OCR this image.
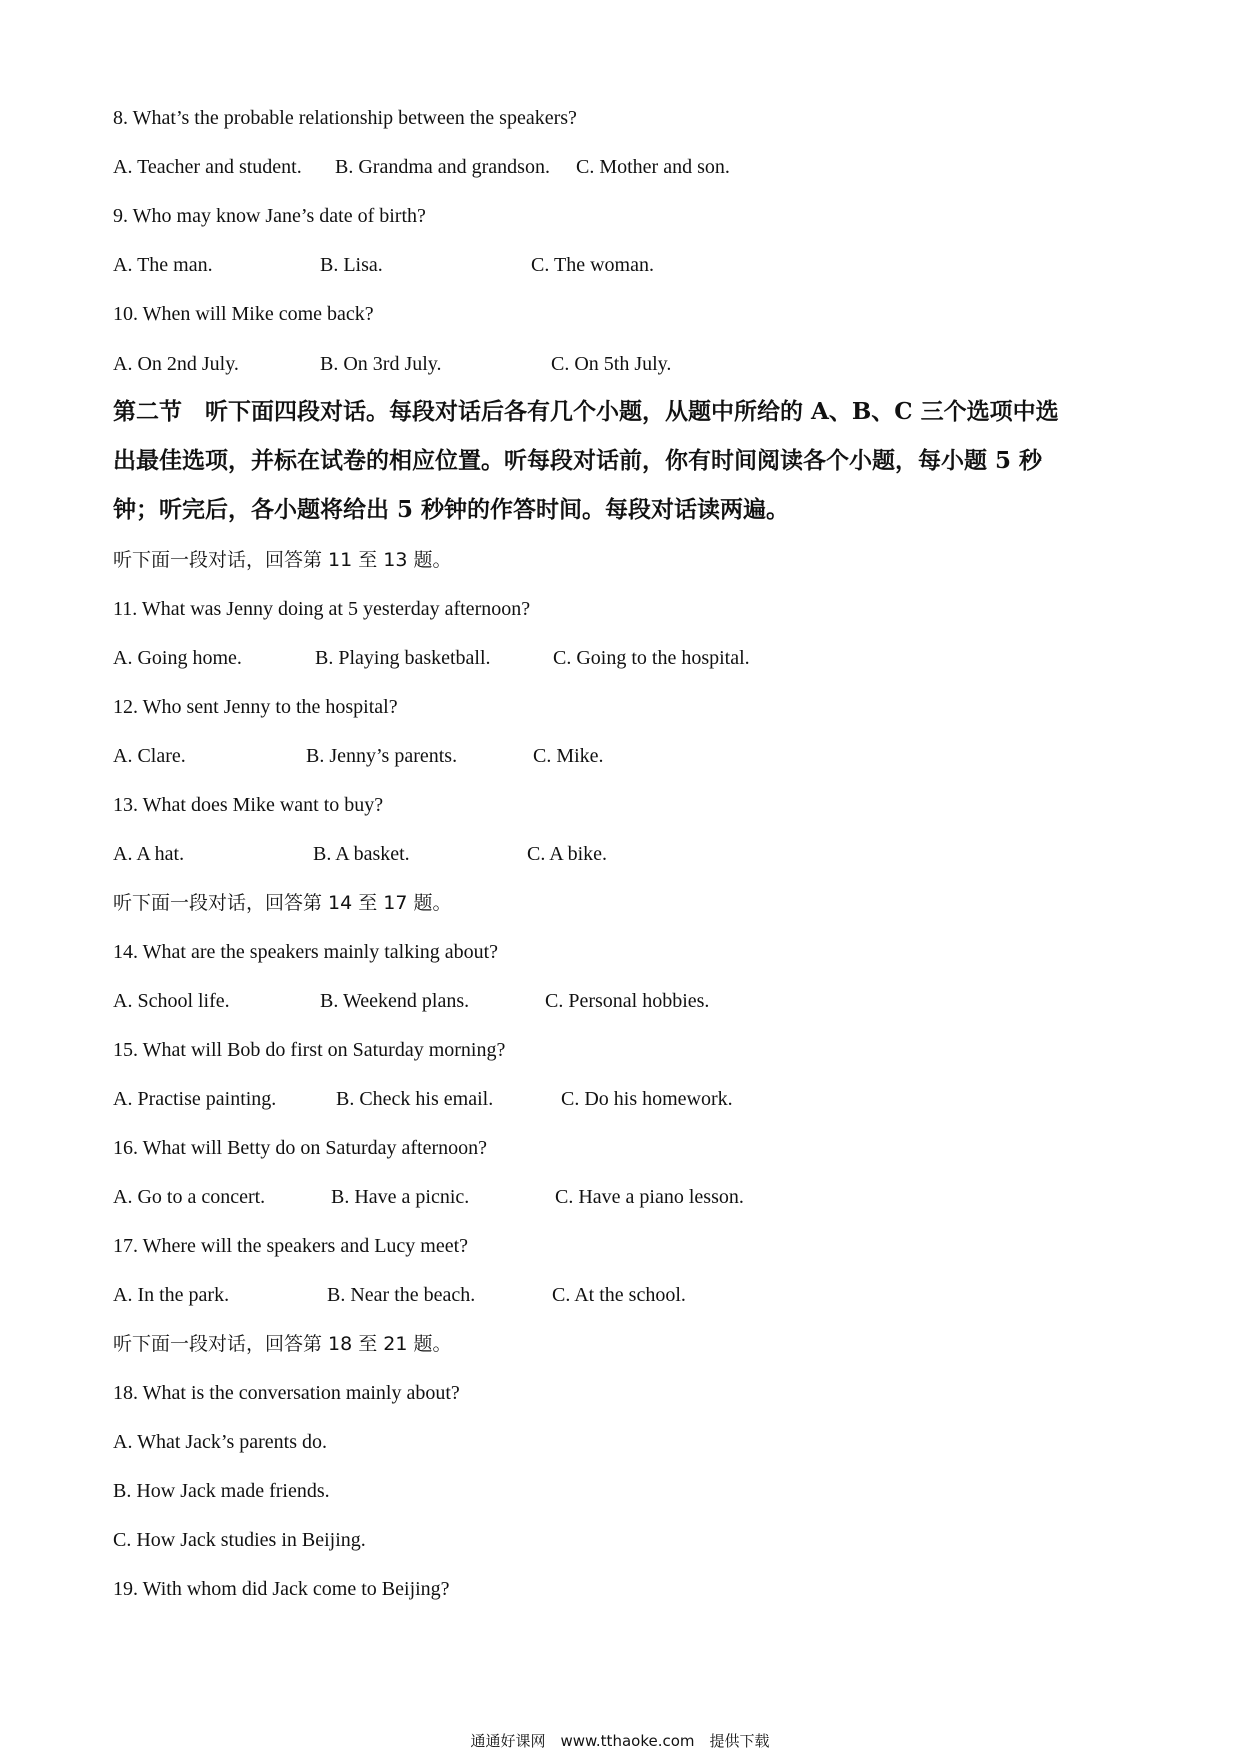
8. What’s the probable relationship between the speakers?
A. Teacher and student. B. Grandma and grandson. C. Mother and son.
9. Who may know Jane’s date of birth?
A. The man.	B. Lisa.	C. The woman.
10. When will Mike come back?
A. On 2nd July.	B. On 3rd July.	C. On 5th July.
第二节　听下面四段对话。每段对话后各有几个小题，从题中所给的 A、B、C 三个选项中选
出最佳选项，并标在试卷的相应位置。听每段对话前，你有时间阅读各个小题，每小题 5 秒
钟；听完后，各小题将给出 5 秒钟的作答时间。每段对话读两遍。
听下面一段对话，回答第 11 至 13 题。
11. What was Jenny doing at 5 yesterday afternoon?
A. Going home.	B. Playing basketball.	C. Going to the hospital.
12. Who sent Jenny to the hospital?
A. Clare.	B. Jenny’s parents.	C. Mike.
13. What does Mike want to buy?
A. A hat.	B. A basket.	C. A bike.
听下面一段对话，回答第 14 至 17 题。
14. What are the speakers mainly talking about?
A. School life.	B. Weekend plans.	C. Personal hobbies.
15. What will Bob do first on Saturday morning?
A. Practise painting.	B. Check his email.	C. Do his homework.
16. What will Betty do on Saturday afternoon?
A. Go to a concert.	B. Have a picnic.	C. Have a piano lesson.
17. Where will the speakers and Lucy meet?
A. In the park.	B. Near the beach.	C. At the school.
听下面一段对话，回答第 18 至 21 题。
18. What is the conversation mainly about?
A. What Jack’s parents do.
B. How Jack made friends.
C. How Jack studies in Beijing.
19. With whom did Jack come to Beijing?
通通好课网　www.tthaoke.com　提供下载
